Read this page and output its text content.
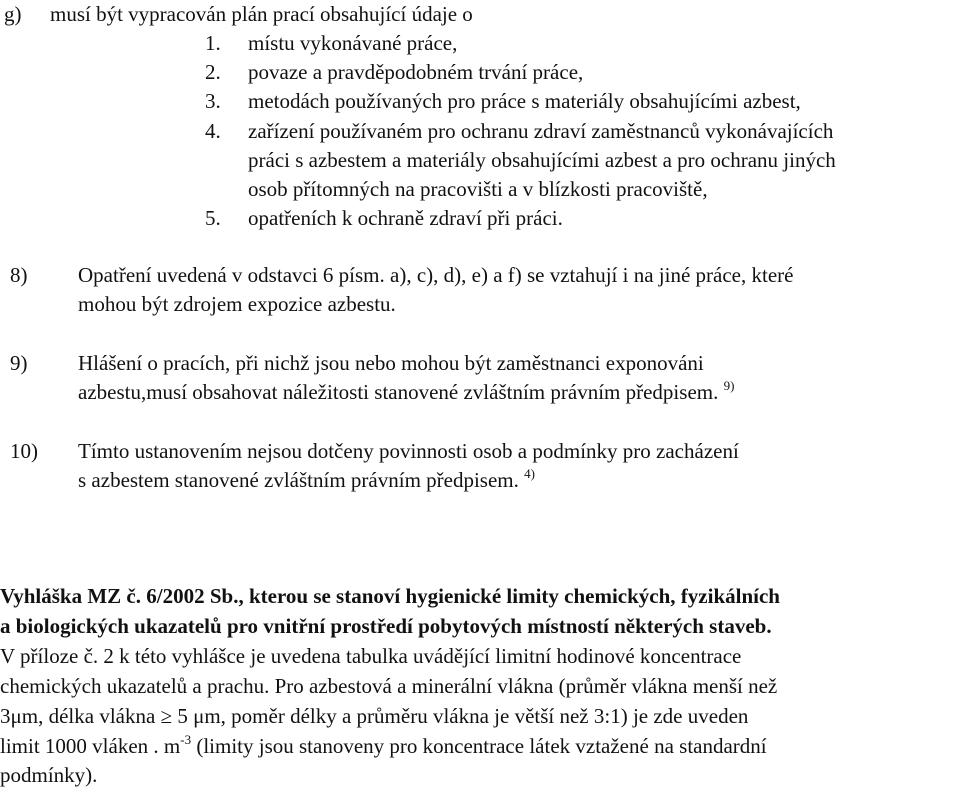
g) musí být vypracován plán prací obsahující údaje o
1. místu vykonávané práce,
2. povaze a pravděpodobném trvání práce,
3. metodách používaných pro práce s materiály obsahujícími azbest,
4. zařízení používaném pro ochranu zdraví zaměstnanců vykonávajících
práci s azbestem a materiály obsahujícími azbest a pro ochranu jiných
osob přítomných na pracovišti a v blízkosti pracoviště,
5. opatřeních k ochraně zdraví při práci.
8) Opatření uvedená v odstavci 6 písm. a), c), d), e) a f) se vztahují i na jiné práce, které
mohou být zdrojem expozice azbestu.
9) Hlášení o pracích, při nichž jsou nebo mohou být zaměstnanci exponováni
azbestu,musí obsahovat náležitosti stanovené zvláštním právním předpisem. $^{9)}$
10) Tímto ustanovením nejsou dotčeny povinnosti osob a podmínky pro zacházení
s azbestem stanovené zvláštním právním předpisem. $^{4)}$
Vyhláška MZ č. 6/2002 Sb., kterou se stanoví hygienické limity chemických, fyzikálních
a biologických ukazatelů pro vnitřní prostředí pobytových místností některých staveb.
V příloze č. 2 k této vyhlášce je uvedena tabulka uvádějící limitní hodinové koncentrace
chemických ukazatelů a prachu. Pro azbestová a minerální vlákna (průměr vlákna menší než
3μm, délka vlákna ≥ 5 μm, poměr délky a průměru vlákna je větší než 3:1) je zde uveden
limit 1000 vláken . $m^{-3}$ (limity jsou stanoveny pro koncentrace látek vztažené na standardní
podmínky).
